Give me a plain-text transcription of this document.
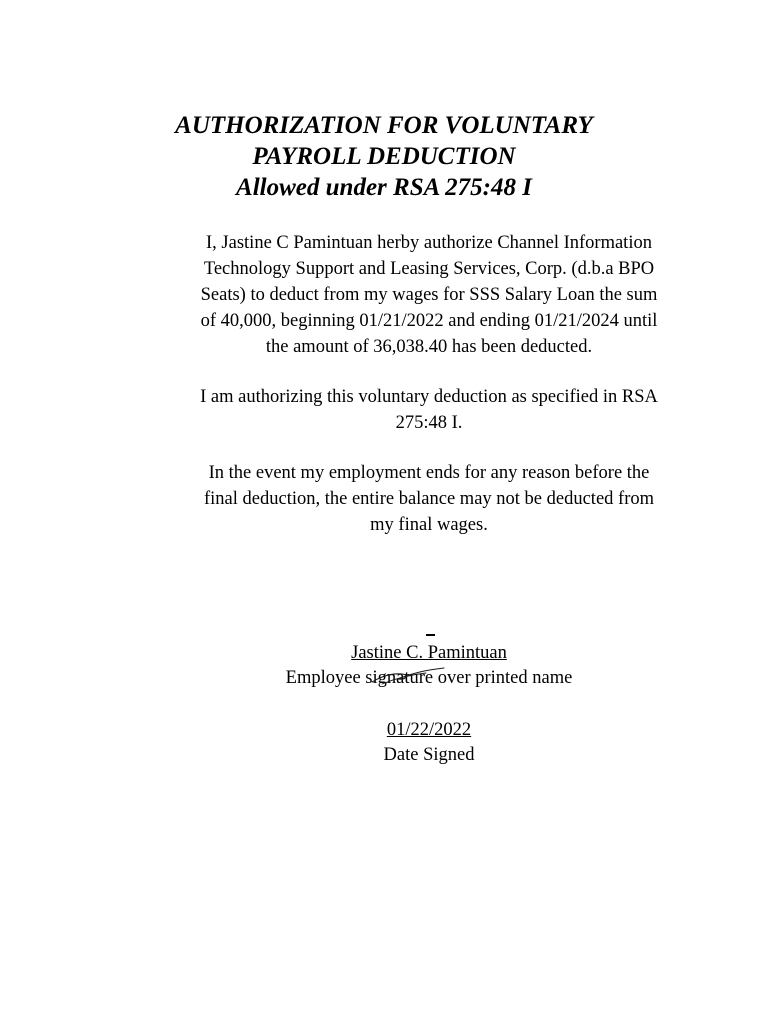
AUTHORIZATION FOR VOLUNTARY
PAYROLL DEDUCTION
Allowed under RSA 275:48 I

I, Jastine C Pamintuan herby authorize Channel Information
Technology Support and Leasing Services, Corp. (d.b.a BPO
Seats) to deduct from my wages for SSS Salary Loan the sum
of 40,000, beginning 01/21/2022 and ending 01/21/2024 until
the amount of 36,038.40 has been deducted.

I am authorizing this voluntary deduction as specified in RSA
275:48 I.

In the event my employment ends for any reason before the
final deduction, the entire balance may not be deducted from
my final wages.

Jastine C. Pamintuan
Employee signature over printed name
01/22/2022
Date Signed
